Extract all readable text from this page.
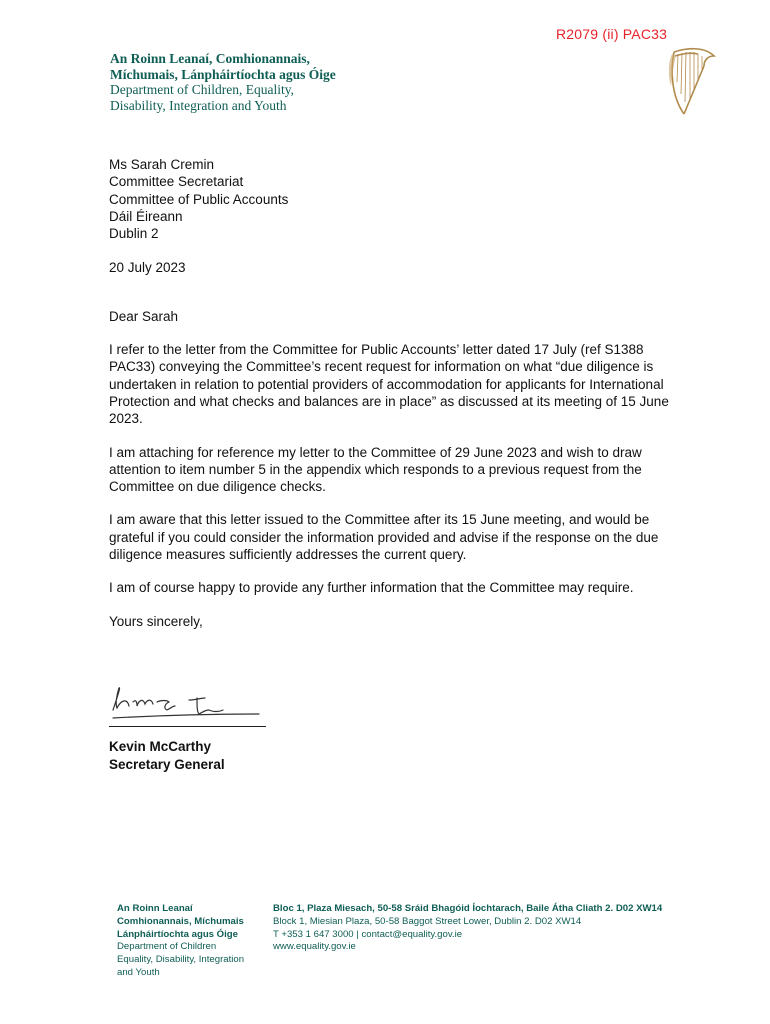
R2079 (ii) PAC33
An Roinn Leanaí, Comhionannais,
Míchumais, Lánpháirtíochta agus Óige
Department of Children, Equality,
Disability, Integration and Youth

Ms Sarah Cremin
Committee Secretariat
Committee of Public Accounts
Dáil Éireann
Dublin 2

20 July 2023

Dear Sarah

I refer to the letter from the Committee for Public Accounts’ letter dated 17 July (ref S1388 PAC33) conveying the Committee’s recent request for information on what “due diligence is undertaken in relation to potential providers of accommodation for applicants for International Protection and what checks and balances are in place” as discussed at its meeting of 15 June 2023.

I am attaching for reference my letter to the Committee of 29 June 2023 and wish to draw attention to item number 5 in the appendix which responds to a previous request from the Committee on due diligence checks.

I am aware that this letter issued to the Committee after its 15 June meeting, and would be grateful if you could consider the information provided and advise if the response on the due diligence measures sufficiently addresses the current query.

I am of course happy to provide any further information that the Committee may require.

Yours sincerely,

Kevin McCarthy
Secretary General
An Roinn Leanaí
Comhionannais, Míchumais
Lánpháirtíochta agus Óige
Department of Children
Equality, Disability, Integration
and Youth
Bloc 1, Plaza Miesach, 50-58 Sráid Bhagóid Íochtarach, Baile Átha Cliath 2. D02 XW14
Block 1, Miesian Plaza, 50-58 Baggot Street Lower, Dublin 2. D02 XW14
T +353 1 647 3000 | contact@equality.gov.ie
www.equality.gov.ie
